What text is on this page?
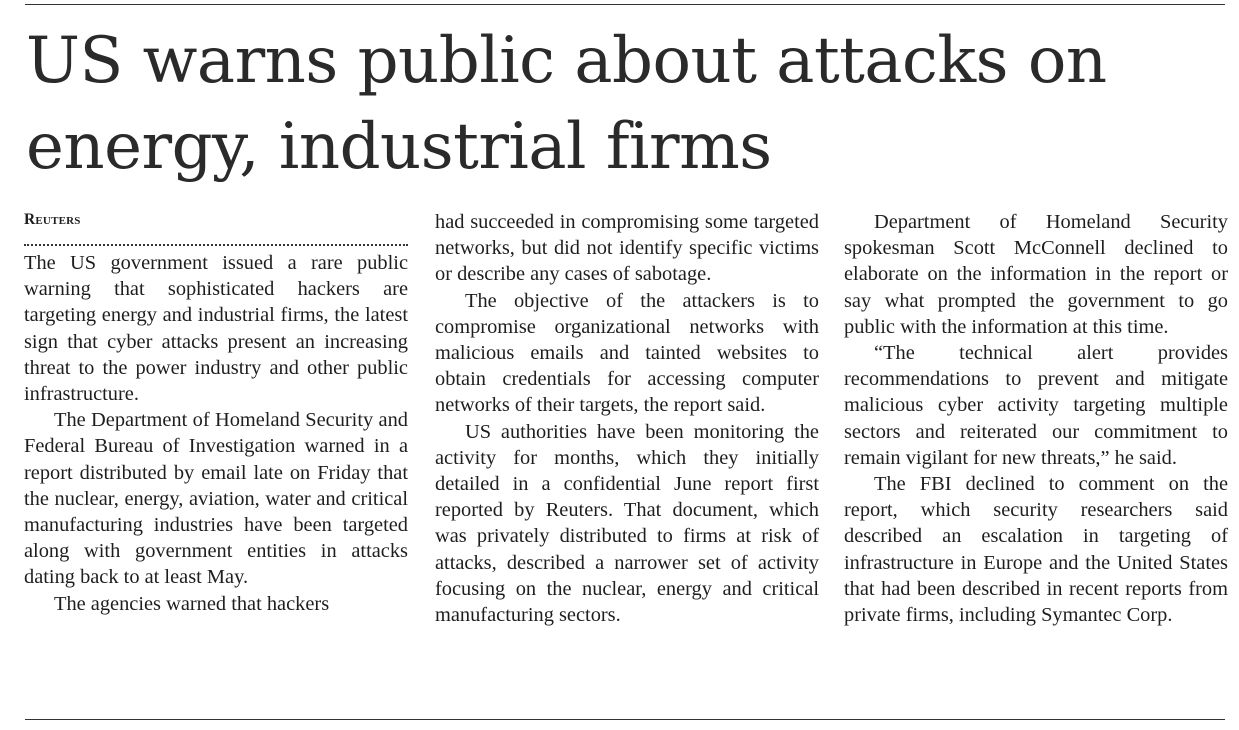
US warns public about attacks on energy, industrial firms
Reuters

The US government issued a rare public warning that sophisticated hackers are targeting energy and industrial firms, the latest sign that cyber attacks present an increasing threat to the power industry and other public infrastructure.

The Department of Homeland Security and Federal Bureau of Investigation warned in a report distributed by email late on Friday that the nuclear, energy, aviation, water and critical manufacturing industries have been targeted along with government entities in attacks dating back to at least May.

The agencies warned that hackers

had succeeded in compromising some targeted networks, but did not identify specific victims or describe any cases of sabotage.

The objective of the attackers is to compromise organizational networks with malicious emails and tainted websites to obtain credentials for accessing computer networks of their targets, the report said.

US authorities have been monitoring the activity for months, which they initially detailed in a confidential June report first reported by Reuters. That document, which was privately distributed to firms at risk of attacks, described a narrower set of activity focusing on the nuclear, energy and critical manufacturing sectors.

Department of Homeland Security spokesman Scott McConnell declined to elaborate on the information in the report or say what prompted the government to go public with the information at this time.

“The technical alert provides recommendations to prevent and mitigate malicious cyber activity targeting multiple sectors and reiterated our commitment to remain vigilant for new threats,” he said.

The FBI declined to comment on the report, which security researchers said described an escalation in targeting of infrastructure in Europe and the United States that had been described in recent reports from private firms, including Symantec Corp.
